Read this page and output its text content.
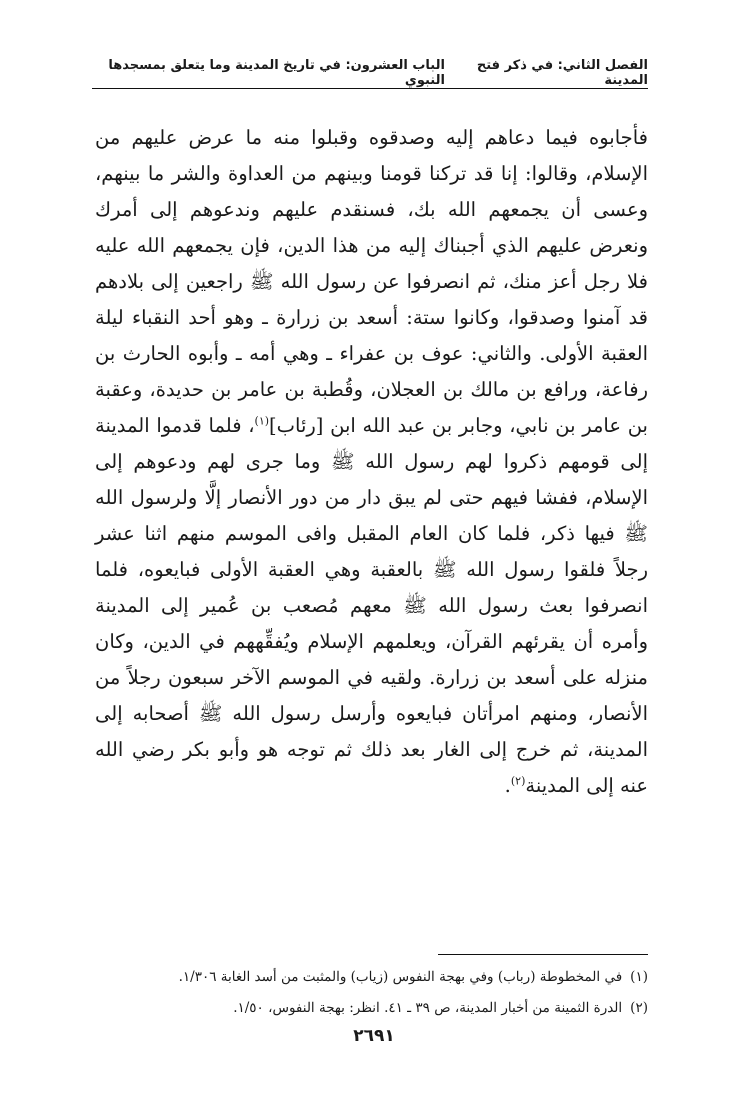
الفصل الثاني: في ذكر فتح المدينة
الباب العشرون: في تاريخ المدينة وما يتعلق بمسجدها النبوي

فأجابوه فيما دعاهم إليه وصدقوه وقبلوا منه ما عرض عليهم من الإسلام، وقالوا: إنا قد تركنا قومنا وبينهم من العداوة والشر ما بينهم، وعسى أن يجمعهم الله بك، فسنقدم عليهم وندعوهم إلى أمرك ونعرض عليهم الذي أجبناك إليه من هذا الدين، فإن يجمعهم الله عليه فلا رجل أعز منك، ثم انصرفوا عن رسول الله ﷺ راجعين إلى بلادهم قد آمنوا وصدقوا، وكانوا ستة: أسعد بن زرارة ـ وهو أحد النقباء ليلة العقبة الأولى. والثاني: عوف بن عفراء ـ وهي أمه ـ وأبوه الحارث بن رفاعة، ورافع بن مالك بن العجلان، وقُطبة بن عامر بن حديدة، وعقبة بن عامر بن نابي، وجابر بن عبد الله ابن [رئاب]$^{(١)}$، فلما قدموا المدينة إلى قومهم ذكروا لهم رسول الله ﷺ وما جرى لهم ودعوهم إلى الإسلام، ففشا فيهم حتى لم يبق دار من دور الأنصار إلَّا ولرسول الله ﷺ فيها ذكر، فلما كان العام المقبل وافى الموسم منهم اثنا عشر رجلاً فلقوا رسول الله ﷺ بالعقبة وهي العقبة الأولى فبايعوه، فلما انصرفوا بعث رسول الله ﷺ معهم مُصعب بن عُمير إلى المدينة وأمره أن يقرئهم القرآن، ويعلمهم الإسلام ويُفقِّههم في الدين، وكان منزله على أسعد بن زرارة. ولقيه في الموسم الآخر سبعون رجلاً من الأنصار، ومنهم امرأتان فبايعوه وأرسل رسول الله ﷺ أصحابه إلى المدينة، ثم خرج إلى الغار بعد ذلك ثم توجه هو وأبو بكر رضي الله عنه إلى المدينة$^{(٢)}$.

(١)
في المخطوطة (رباب) وفي بهجة النفوس (زياب) والمثبت من أسد الغابة ١/٣٠٦.
(٢)
الدرة الثمينة من أخبار المدينة، ص ٣٩ ـ ٤١. انظر: بهجة النفوس، ١/٥٠.
٢٦٩١
